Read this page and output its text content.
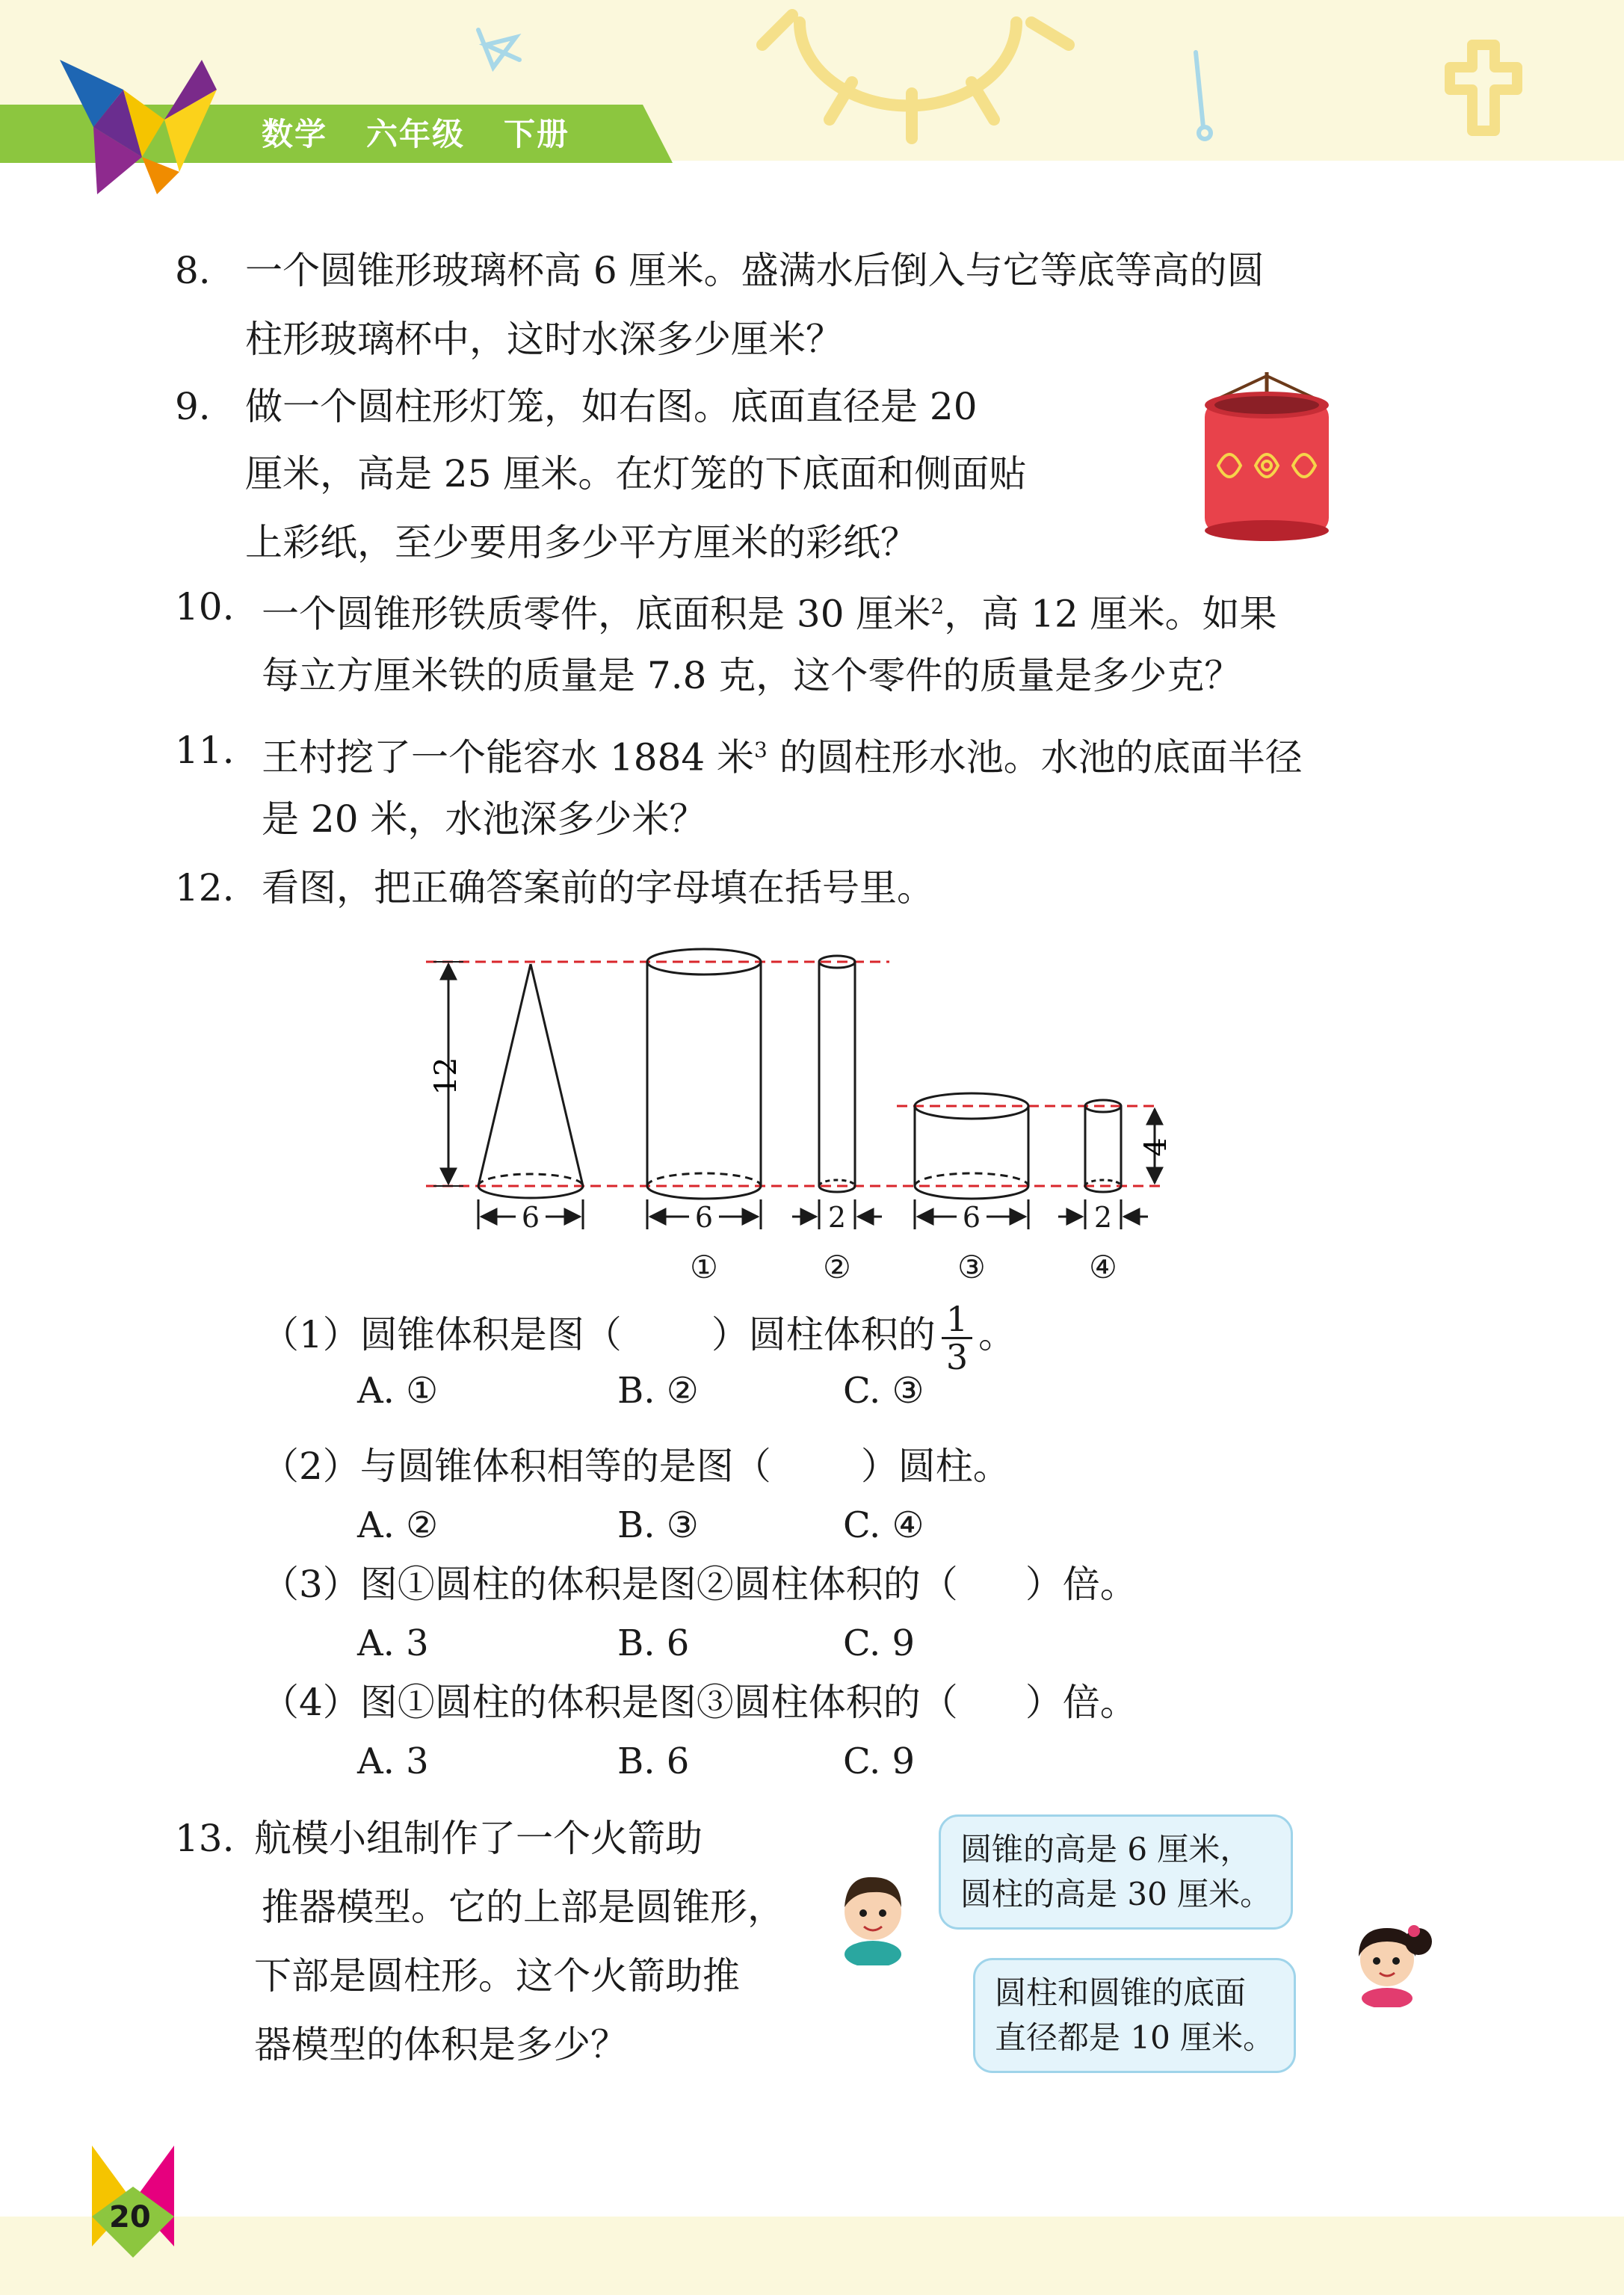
数学 六年级 下册
8. 一个圆锥形玻璃杯高 6 厘米。盛满水后倒入与它等底等高的圆
柱形玻璃杯中，这时水深多少厘米？
9. 做一个圆柱形灯笼，如右图。底面直径是 20
厘米，高是 25 厘米。在灯笼的下底面和侧面贴
上彩纸，至少要用多少平方厘米的彩纸？
10. 一个圆锥形铁质零件，底面积是 30 厘米$^2$，高 12 厘米。如果
每立方厘米铁的质量是 7.8 克，这个零件的质量是多少克？
11. 王村挖了一个能容水 1884 米$^3$ 的圆柱形水池。水池的底面半径
是 20 米，水池深多少米？
12. 看图，把正确答案前的字母填在括号里。
12
4
6	6	2	6	2
①	②	③	④
（1）圆锥体积是图（ ）圆柱体积的 $\frac{1}{3}$ 。
A. ①	B. ②	C. ③
（2）与圆锥体积相等的是图（ ）圆柱。
A. ②	B. ③	C. ④
（3）图①圆柱的体积是图②圆柱体积的（ ）倍。
A. 3	B. 6	C. 9
（4）图①圆柱的体积是图③圆柱体积的（ ）倍。
A. 3	B. 6	C. 9
13. 航模小组制作了一个火箭助
推器模型。它的上部是圆锥形，
下部是圆柱形。这个火箭助推
器模型的体积是多少？
圆锥的高是 6 厘米，
圆柱的高是 30 厘米。
圆柱和圆锥的底面
直径都是 10 厘米。
20
